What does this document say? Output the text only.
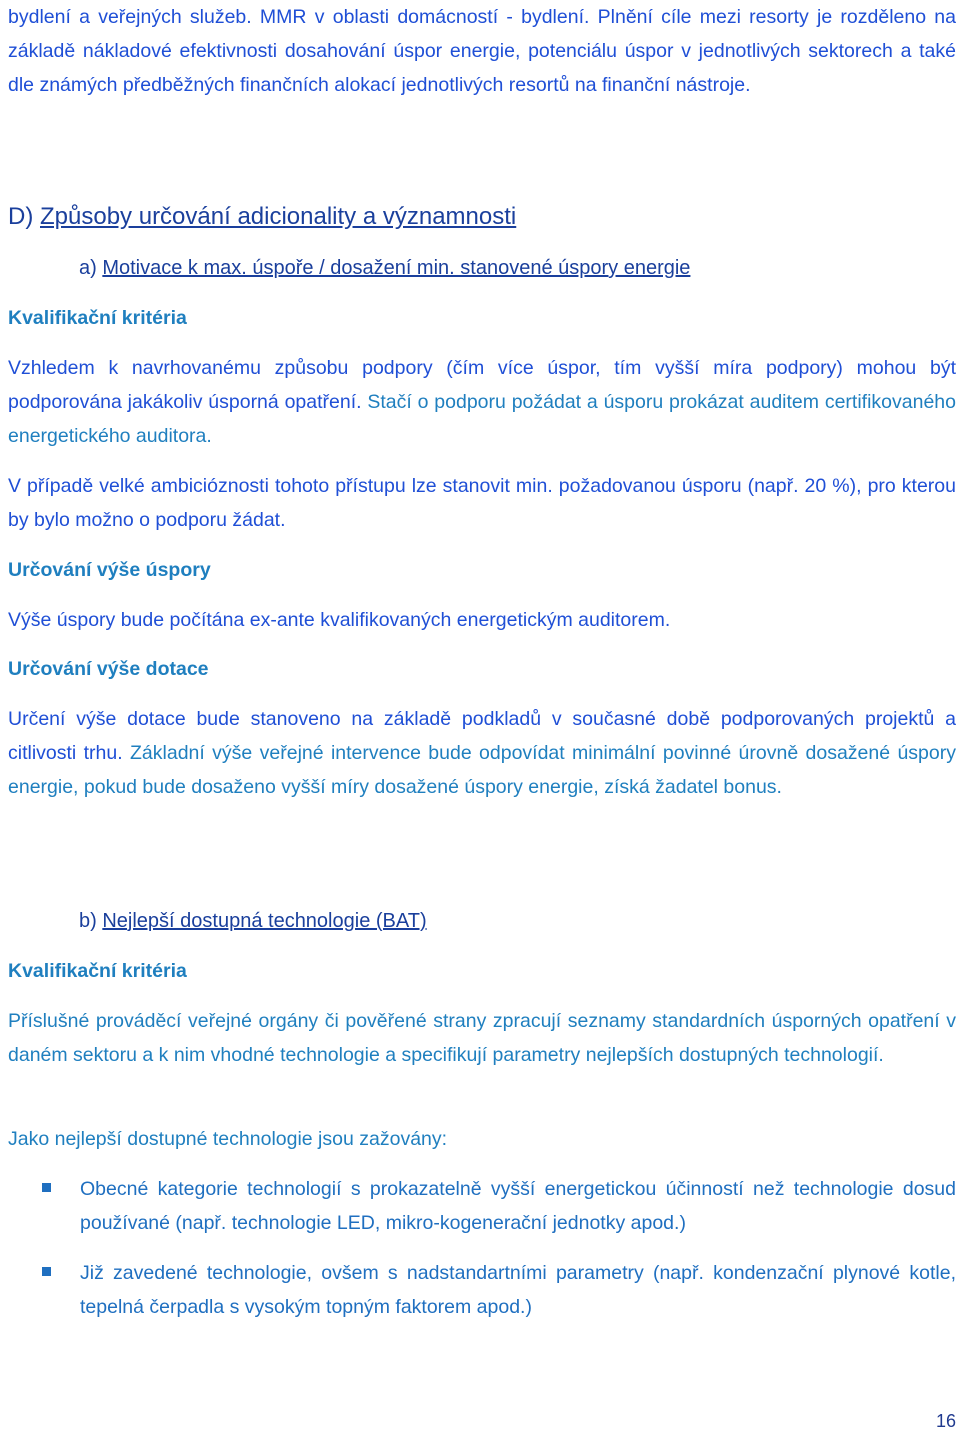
bydlení a veřejných služeb. MMR v oblasti domácností - bydlení. Plnění cíle mezi resorty je rozděleno na základě nákladové efektivnosti dosahování úspor energie, potenciálu úspor v jednotlivých sektorech a také dle známých předběžných finančních alokací jednotlivých resortů na finanční nástroje.
D) Způsoby určování adicionality a významnosti
a) Motivace k max. úspoře / dosažení min. stanovené úspory energie
Kvalifikační kritéria
Vzhledem k navrhovanému způsobu podpory (čím více úspor, tím vyšší míra podpory) mohou být podporována jakákoliv úsporná opatření. Stačí o podporu požádat a úsporu prokázat auditem certifikovaného energetického auditora.
V případě velké ambicióznosti tohoto přístupu lze stanovit min. požadovanou úsporu (např. 20 %), pro kterou by bylo možno o podporu žádat.
Určování výše úspory
Výše úspory bude počítána ex-ante kvalifikovaných energetickým auditorem.
Určování výše dotace
Určení výše dotace bude stanoveno na základě podkladů v současné době podporovaných projektů a citlivosti trhu. Základní výše veřejné intervence bude odpovídat minimální povinné úrovně dosažené úspory energie, pokud bude dosaženo vyšší míry dosažené úspory energie, získá žadatel bonus.
b) Nejlepší dostupná technologie (BAT)
Kvalifikační kritéria
Příslušné prováděcí veřejné orgány či pověřené strany zpracují seznamy standardních úsporných opatření v daném sektoru a k nim vhodné technologie a specifikují parametry nejlepších dostupných technologií.
Jako nejlepší dostupné technologie jsou zažovány:
Obecné kategorie technologií s prokazatelně vyšší energetickou účinností než technologie dosud používané (např. technologie LED, mikro-kogenerační jednotky apod.)
Již zavedené technologie, ovšem s nadstandartními parametry (např. kondenzační plynové kotle, tepelná čerpadla s vysokým topným faktorem apod.)
16
